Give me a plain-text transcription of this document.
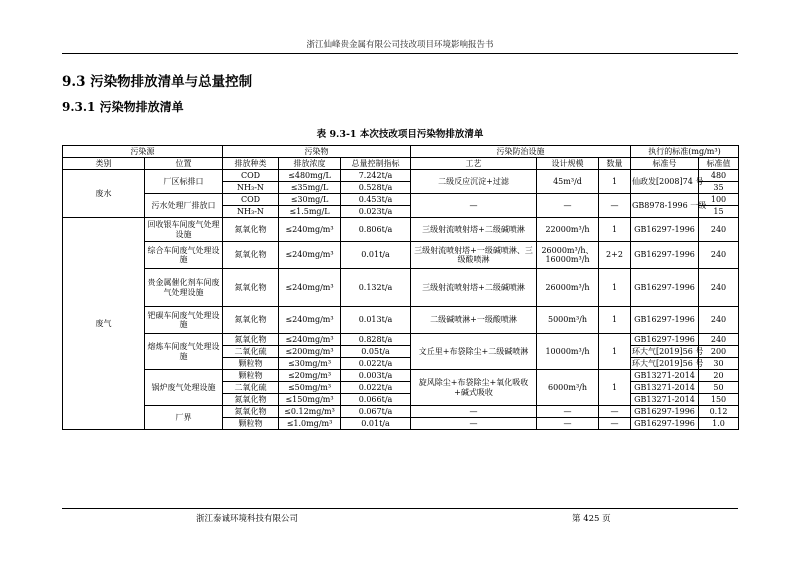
浙江仙峰贵金属有限公司技改项目环境影响报告书
9.3 污染物排放清单与总量控制
9.3.1 污染物排放清单
表 9.3-1 本次技改项目污染物排放清单
污染源		污染物			污染防治设施			执行的标准(mg/m³)	
类别	位置	排放种类	排放浓度	总量控制指标	工艺	设计规模	数量	标准号	标准值
废水	厂区标排口	COD	≤480mg/L	7.242t/a	二级反应沉淀+过滤	45m³/d	1	仙政发[2008]74 号	480
		NH₃-N	≤35mg/L	0.528t/a					35
	污水处理厂排放口	COD	≤30mg/L	0.453t/a	—	—	—	GB8978-1996 一级	100
		NH₃-N	≤1.5mg/L	0.023t/a					15
废气	回收银车间废气处理设施	氮氧化物	≤240mg/m³	0.806t/a	三级射流喷射塔+二级碱喷淋	22000m³/h	1	GB16297-1996	240
	综合车间废气处理设施	氮氧化物	≤240mg/m³	0.01t/a	三级射流喷射塔+一级碱喷淋、三级酸喷淋	26000m³/h、16000m³/h	2+2	GB16297-1996	240
	贵金属催化剂车间废气处理设施	氮氧化物	≤240mg/m³	0.132t/a	三级射流喷射塔+二级碱喷淋	26000m³/h	1	GB16297-1996	240
	钯碳车间废气处理设施	氮氧化物	≤240mg/m³	0.013t/a	二级碱喷淋+一级酸喷淋	5000m³/h	1	GB16297-1996	240
	熔炼车间废气处理设施	氮氧化物	≤240mg/m³	0.828t/a	文丘里+布袋除尘+二级碱喷淋	10000m³/h	1	GB16297-1996	240
		二氧化硫	≤200mg/m³	0.05t/a				环大气[2019]56 号	200
		颗粒物	≤30mg/m³	0.022t/a				环大气[2019]56 号	30
	锅炉废气处理设施	颗粒物	≤20mg/m³	0.003t/a	旋风除尘+布袋除尘+氧化吸收+碱式吸收	6000m³/h	1	GB13271-2014	20
		二氧化硫	≤50mg/m³	0.022t/a				GB13271-2014	50
		氮氧化物	≤150mg/m³	0.066t/a				GB13271-2014	150
	厂界	氮氧化物	≤0.12mg/m³	0.067t/a	—	—	—	GB16297-1996	0.12
		颗粒物	≤1.0mg/m³	0.01t/a	—	—	—	GB16297-1996	1.0
浙江泰诚环境科技有限公司	第 425 页
